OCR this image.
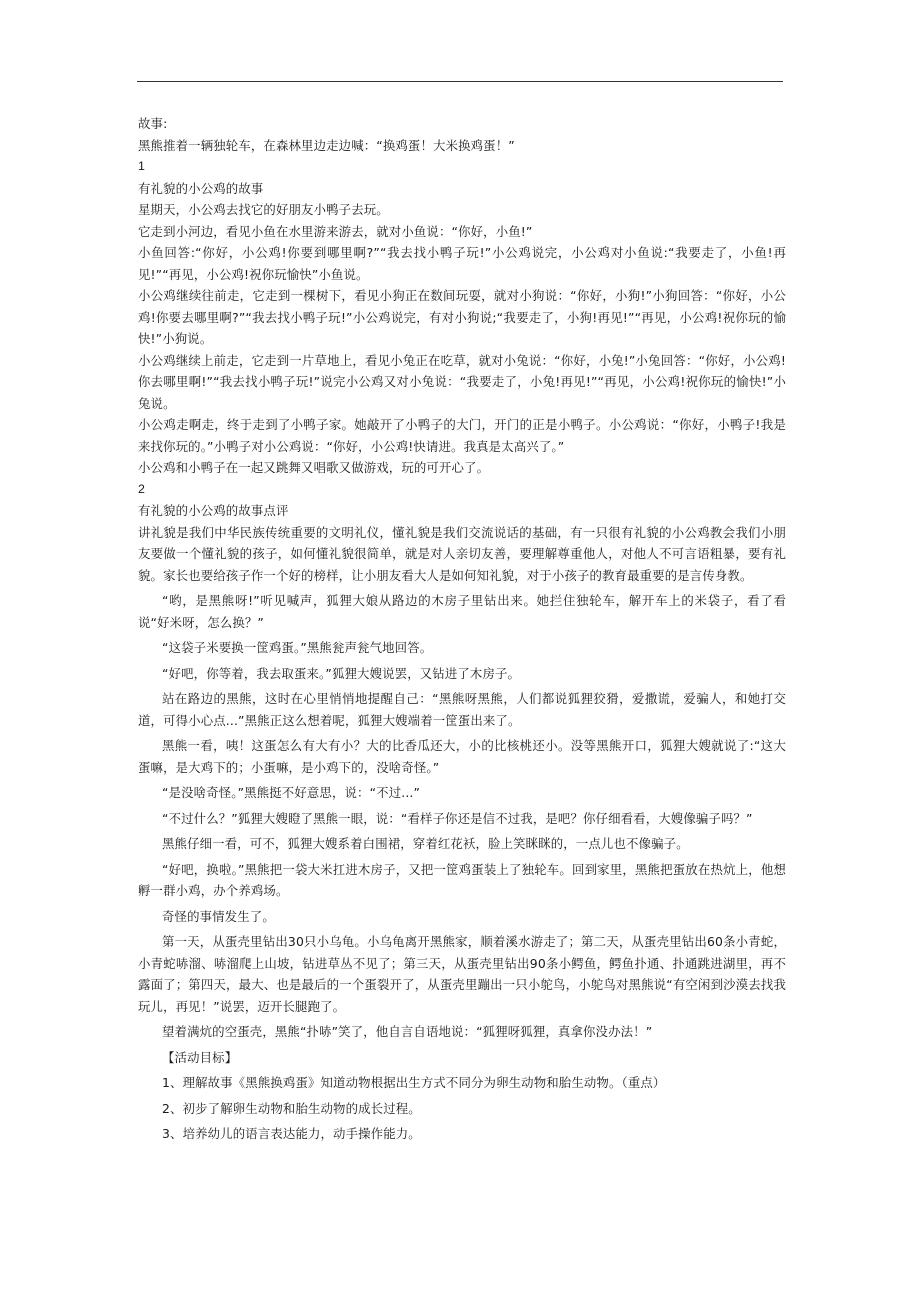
故事:

黑熊推着一辆独轮车，在森林里边走边喊：“换鸡蛋！大米换鸡蛋！”

1

有礼貌的小公鸡的故事

星期天，小公鸡去找它的好朋友小鸭子去玩。

它走到小河边，看见小鱼在水里游来游去，就对小鱼说：“你好，小鱼!”

小鱼回答:“你好，小公鸡!你要到哪里啊?”“我去找小鸭子玩!”小公鸡说完，小公鸡对小鱼说:“我要走了，小鱼!再见!”“再见，小公鸡!祝你玩愉快”小鱼说。

小公鸡继续往前走，它走到一棵树下，看见小狗正在数间玩耍，就对小狗说：“你好，小狗!”小狗回答：“你好，小公鸡!你要去哪里啊?”“我去找小鸭子玩!”小公鸡说完，有对小狗说;“我要走了，小狗!再见!”“再见，小公鸡!祝你玩的愉快!”小狗说。

小公鸡继续上前走，它走到一片草地上，看见小兔正在吃草，就对小兔说：“你好，小兔!”小兔回答：“你好，小公鸡!你去哪里啊!”“我去找小鸭子玩!”说完小公鸡又对小兔说：“我要走了，小兔!再见!”“再见，小公鸡!祝你玩的愉快!”小兔说。

小公鸡走啊走，终于走到了小鸭子家。她敲开了小鸭子的大门，开门的正是小鸭子。小公鸡说：“你好，小鸭子!我是来找你玩的。”小鸭子对小公鸡说：“你好，小公鸡!快请进。我真是太高兴了。”

小公鸡和小鸭子在一起又跳舞又唱歌又做游戏，玩的可开心了。

2

有礼貌的小公鸡的故事点评

讲礼貌是我们中华民族传统重要的文明礼仪，懂礼貌是我们交流说话的基础，有一只很有礼貌的小公鸡教会我们小朋友要做一个懂礼貌的孩子，如何懂礼貌很简单，就是对人亲切友善，要理解尊重他人，对他人不可言语粗暴，要有礼貌。家长也要给孩子作一个好的榜样，让小朋友看大人是如何知礼貌，对于小孩子的教育最重要的是言传身教。

“哟，是黑熊呀!”听见喊声，狐狸大娘从路边的木房子里钻出来。她拦住独轮车，解开车上的米袋子，看了看说“好米呀，怎么换？”

“这袋子米要换一筐鸡蛋。”黑熊瓮声瓮气地回答。

“好吧，你等着，我去取蛋来。”狐狸大嫂说罢，又钻进了木房子。

站在路边的黑熊，这时在心里悄悄地提醒自己：“黑熊呀黑熊，人们都说狐狸狡猾，爱撒谎，爱骗人，和她打交道，可得小心点...”黑熊正这么想着呢，狐狸大嫂端着一筐蛋出来了。

黑熊一看，咦！这蛋怎么有大有小？大的比香瓜还大，小的比核桃还小。没等黑熊开口，狐狸大嫂就说了:“这大蛋嘛，是大鸡下的；小蛋嘛，是小鸡下的，没啥奇怪。”

“是没啥奇怪。”黑熊挺不好意思，说：“不过...”

“不过什么？”狐狸大嫂瞪了黑熊一眼，说：“看样子你还是信不过我，是吧？你仔细看看，大嫂像骗子吗？”

黑熊仔细一看，可不，狐狸大嫂系着白围裙，穿着红花袄，脸上笑眯眯的，一点儿也不像骗子。

“好吧，换啦。”黑熊把一袋大米扛进木房子，又把一筐鸡蛋装上了独轮车。回到家里，黑熊把蛋放在热炕上，他想孵一群小鸡，办个养鸡场。

奇怪的事情发生了。

第一天，从蛋壳里钻出30只小乌龟。小乌龟离开黑熊家，顺着溪水游走了；第二天，从蛋壳里钻出60条小青蛇，小青蛇哧溜、哧溜爬上山坡，钻进草丛不见了；第三天，从蛋壳里钻出90条小鳄鱼，鳄鱼扑通、扑通跳进湖里，再不露面了；第四天，最大、也是最后的一个蛋裂开了，从蛋壳里蹦出一只小鸵鸟，小鸵鸟对黑熊说“有空闲到沙漠去找我玩儿，再见！”说罢，迈开长腿跑了。

望着满炕的空蛋壳，黑熊“扑哧”笑了，他自言自语地说：“狐狸呀狐狸，真拿你没办法！”

【活动目标】

1、理解故事《黑熊换鸡蛋》知道动物根据出生方式不同分为卵生动物和胎生动物。（重点）

2、初步了解卵生动物和胎生动物的成长过程。

3、培养幼儿的语言表达能力，动手操作能力。
